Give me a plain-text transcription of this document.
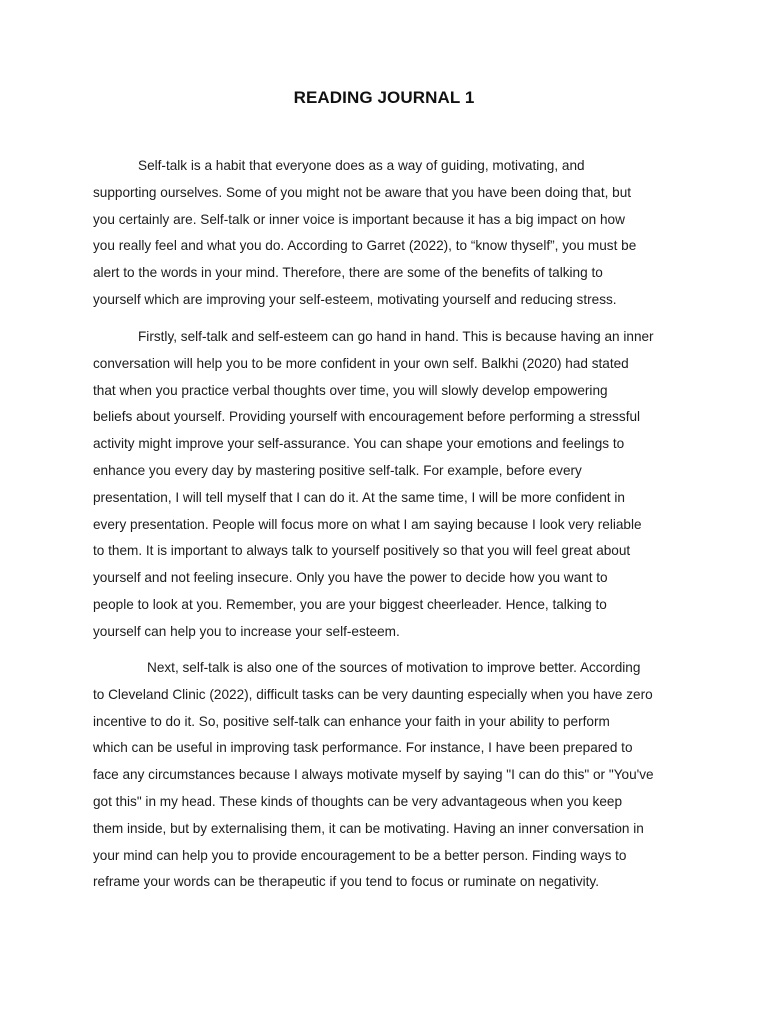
READING JOURNAL 1
Self-talk is a habit that everyone does as a way of guiding, motivating, and
supporting ourselves. Some of you might not be aware that you have been doing that, but
you certainly are. Self-talk or inner voice is important because it has a big impact on how
you really feel and what you do. According to Garret (2022), to “know thyself”, you must be
alert to the words in your mind. Therefore, there are some of the benefits of talking to
yourself which are improving your self-esteem, motivating yourself and reducing stress.
Firstly, self-talk and self-esteem can go hand in hand. This is because having an inner
conversation will help you to be more confident in your own self. Balkhi (2020) had stated
that when you practice verbal thoughts over time, you will slowly develop empowering
beliefs about yourself. Providing yourself with encouragement before performing a stressful
activity might improve your self-assurance. You can shape your emotions and feelings to
enhance you every day by mastering positive self-talk. For example, before every
presentation, I will tell myself that I can do it. At the same time, I will be more confident in
every presentation. People will focus more on what I am saying because I look very reliable
to them. It is important to always talk to yourself positively so that you will feel great about
yourself and not feeling insecure. Only you have the power to decide how you want to
people to look at you. Remember, you are your biggest cheerleader. Hence, talking to
yourself can help you to increase your self-esteem.
Next, self-talk is also one of the sources of motivation to improve better. According
to Cleveland Clinic (2022), difficult tasks can be very daunting especially when you have zero
incentive to do it. So, positive self-talk can enhance your faith in your ability to perform
which can be useful in improving task performance. For instance, I have been prepared to
face any circumstances because I always motivate myself by saying "I can do this" or "You've
got this" in my head. These kinds of thoughts can be very advantageous when you keep
them inside, but by externalising them, it can be motivating. Having an inner conversation in
your mind can help you to provide encouragement to be a better person. Finding ways to
reframe your words can be therapeutic if you tend to focus or ruminate on negativity.
